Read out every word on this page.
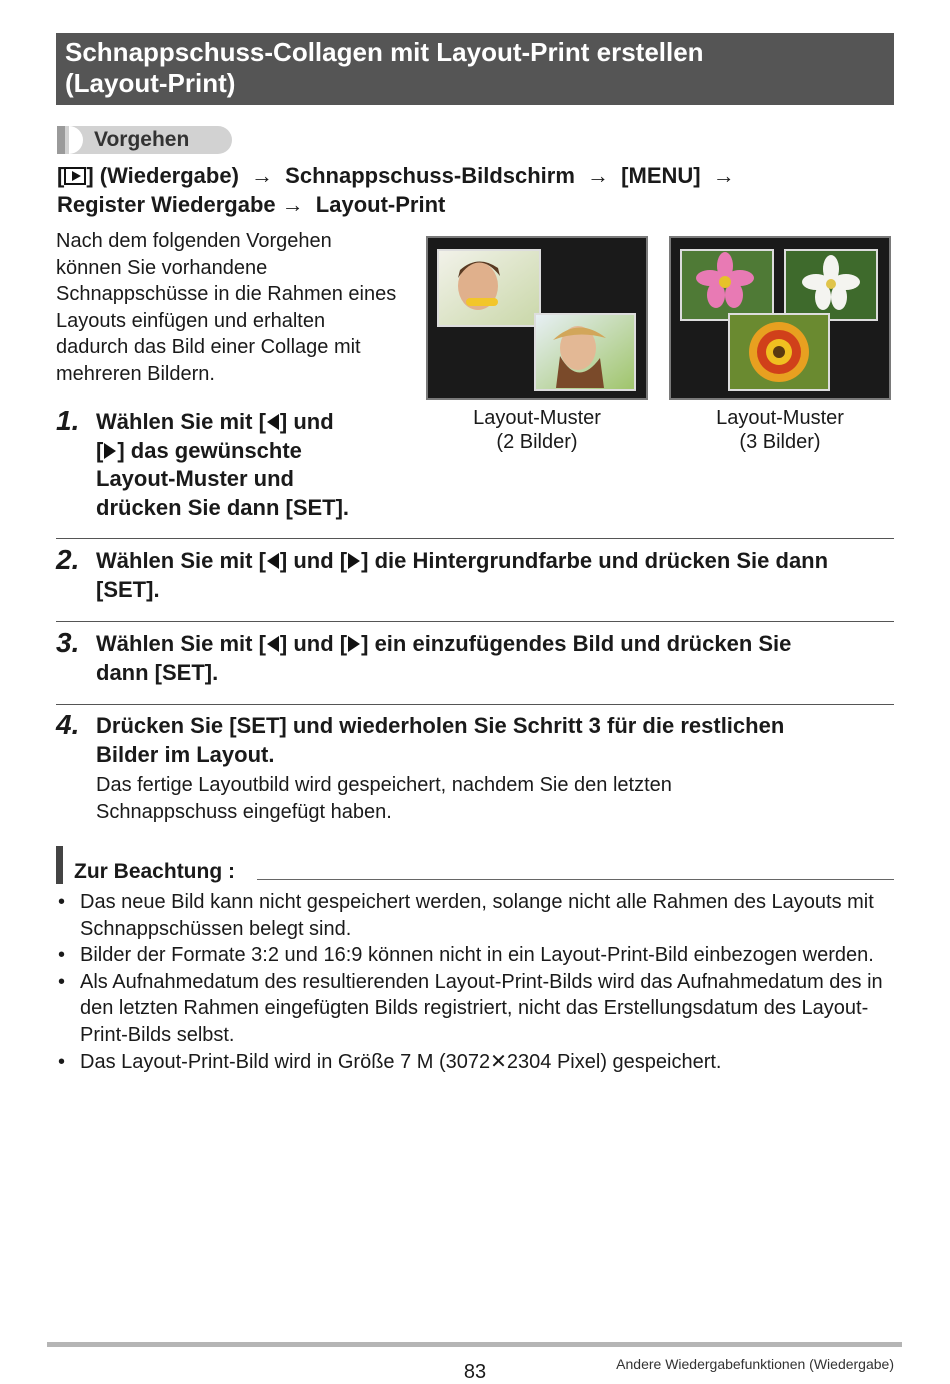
Schnappschuss-Collagen mit Layout-Print erstellen
(Layout-Print)
Vorgehen
[ ] (Wiedergabe) → Schnappschuss-Bildschirm → [MENU] →
Register Wiedergabe → Layout-Print
Nach dem folgenden Vorgehen können Sie vorhandene Schnappschüsse in die Rahmen eines Layouts einfügen und erhalten dadurch das Bild einer Collage mit mehreren Bildern.
Layout-Muster
(2 Bilder)
Layout-Muster
(3 Bilder)
1. Wählen Sie mit [ ] und
[ ] das gewünschte
Layout-Muster und
drücken Sie dann [SET].
2. Wählen Sie mit [ ] und [ ] die Hintergrundfarbe und drücken Sie dann
[SET].
3. Wählen Sie mit [ ] und [ ] ein einzufügendes Bild und drücken Sie
dann [SET].
4. Drücken Sie [SET] und wiederholen Sie Schritt 3 für die restlichen
Bilder im Layout.
Das fertige Layoutbild wird gespeichert, nachdem Sie den letzten
Schnappschuss eingefügt haben.
Zur Beachtung :
• Das neue Bild kann nicht gespeichert werden, solange nicht alle Rahmen des Layouts mit Schnappschüssen belegt sind.
• Bilder der Formate 3:2 und 16:9 können nicht in ein Layout-Print-Bild einbezogen werden.
• Als Aufnahmedatum des resultierenden Layout-Print-Bilds wird das Aufnahmedatum des in den letzten Rahmen eingefügten Bilds registriert, nicht das Erstellungsdatum des Layout-Print-Bilds selbst.
• Das Layout-Print-Bild wird in Größe 7 M (3072✕2304 Pixel) gespeichert.
83	Andere Wiedergabefunktionen (Wiedergabe)
